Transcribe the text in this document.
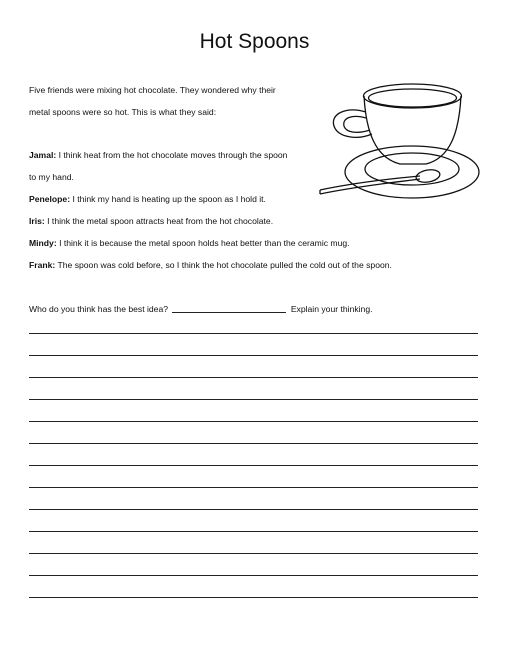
Hot Spoons
Five friends were mixing hot chocolate. They wondered why their
metal spoons were so hot. This is what they said:
Jamal: I think heat from the hot chocolate moves through the spoon
to my hand.
Penelope: I think my hand is heating up the spoon as I hold it.
Iris: I think the metal spoon attracts heat from the hot chocolate.
Mindy: I think it is because the metal spoon holds heat better than the ceramic mug.
Frank: The spoon was cold before, so I think the hot chocolate pulled the cold out of the spoon.
Who do you think has the best idea?	Explain your thinking.
